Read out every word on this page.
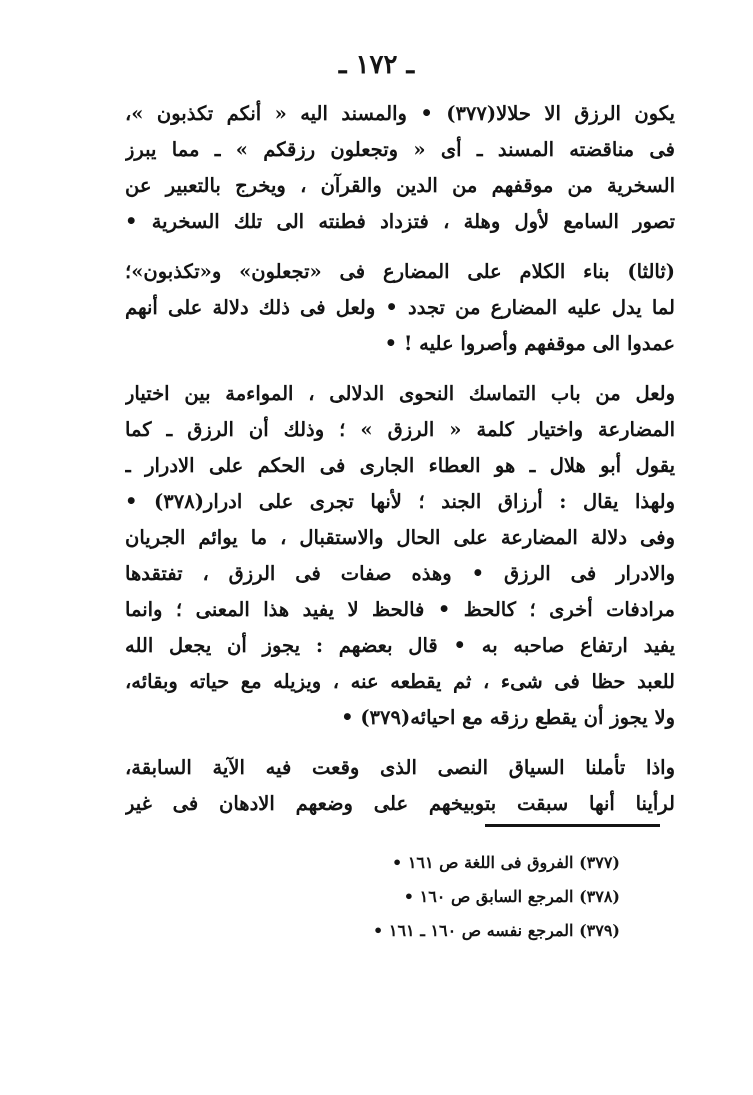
ـ ١٧٢ ـ
يكون الرزق الا حلالا(٣٧٧) • والمسند اليه « أنكم تكذبون »،
فى مناقضته المسند ـ أى « وتجعلون رزقكم » ـ مما يبرز
السخرية من موقفهم من الدين والقرآن ، ويخرج بالتعبير عن
تصور السامع لأول وهلة ، فتزداد فطنته الى تلك السخرية •
(ثالثا) بناء الكلام على المضارع فى «تجعلون» و«تكذبون»؛
لما يدل عليه المضارع من تجدد • ولعل فى ذلك دلالة على أنهم
عمدوا الى موقفهم وأصروا عليه ! •
ولعل من باب التماسك النحوى الدلالى ، المواءمة بين اختيار
المضارعة واختيار كلمة « الرزق » ؛ وذلك أن الرزق ـ كما
يقول أبو هلال ـ هو العطاء الجارى فى الحكم على الادرار ـ
ولهذا يقال : أرزاق الجند ؛ لأنها تجرى على ادرار(٣٧٨) •
وفى دلالة المضارعة على الحال والاستقبال ، ما يوائم الجريان
والادرار فى الرزق • وهذه صفات فى الرزق ، تفتقدها
مرادفات أخرى ؛ كالحظ • فالحظ لا يفيد هذا المعنى ؛ وانما
يفيد ارتفاع صاحبه به • قال بعضهم : يجوز أن يجعل الله
للعبد حظا فى شىء ، ثم يقطعه عنه ، ويزيله مع حياته وبقائه،
ولا يجوز أن يقطع رزقه مع احيائه(٣٧٩) •
واذا تأملنا السياق النصى الذى وقعت فيه الآية السابقة،
لرأينا أنها سبقت بتوبيخهم على وضعهم الادهان فى غير
(٣٧٧) الفروق فى اللغة ص ١٦١ •
(٣٧٨) المرجع السابق ص ١٦٠ •
(٣٧٩) المرجع نفسه ص ١٦٠ ـ ١٦١ •
